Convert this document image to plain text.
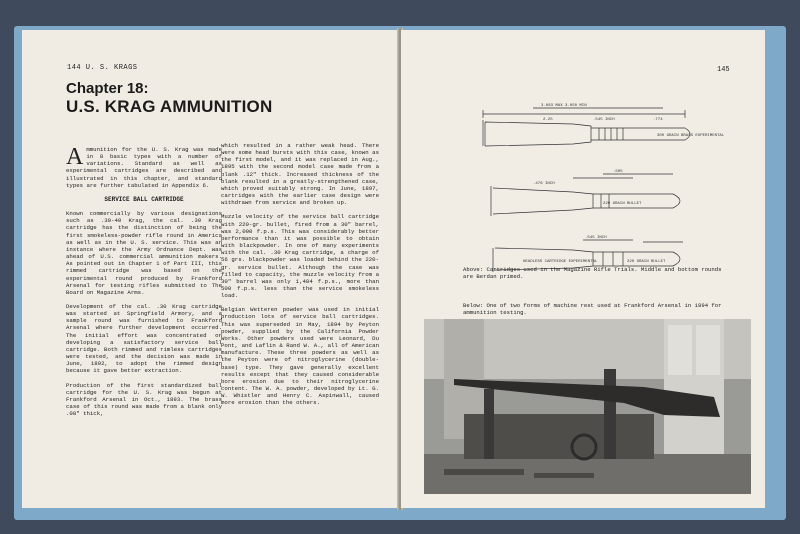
144 U. S. KRAGS
Chapter 18:
U.S. KRAG AMMUNITION

Ammunition for the U. S. Krag was made in 8 basic types with a number of variations. Standard as well as experimental cartridges are described and illustrated in this chapter, and standard types are further tabulated in Appendix 6.

SERVICE BALL CARTRIDGE

Known commercially by various designations such as .30-40 Krag, the cal. .30 Krag cartridge has the distinction of being the first smokeless-powder rifle round in America as well as in the U. S. service. This was an instance where the Army Ordnance Dept. was ahead of U.S. commercial ammunition makers. As pointed out in Chapter 1 of Part III, this rimmed cartridge was based on the experimental round produced by Frankford Arsenal for testing rifles submitted to The Board on Magazine Arms.

Development of the cal. .30 Krag cartridge was started at Springfield Armory, and a sample round was furnished to Frankford Arsenal where further development occurred. The initial effort was concentrated on developing a satisfactory service ball cartridge. Both rimmed and rimless cartridges were tested, and the decision was made in June, 1892, to adopt the rimmed design because it gave better extraction.

Production of the first standardized ball cartridge for the U. S. Krag was begun at Frankford Arsenal in Oct., 1893. The brass case of this round was made from a blank only .08" thick,

which resulted in a rather weak head. There were some head bursts with this case, known as the first model, and it was replaced in Aug., 1895 with the second model case made from a blank .12" thick. Increased thickness of the blank resulted in a greatly-strengthened case, which proved suitably strong. In June, 1897, cartridges with the earlier case design were withdrawn from service and broken up.

Muzzle velocity of the service ball cartridge with 220-gr. bullet, fired from a 30" barrel, was 2,000 f.p.s. This was considerably better performance than it was possible to obtain with blackpowder. In one of many experiments with the cal. .30 Krag cartridge, a charge of 56 grs. blackpowder was loaded behind the 220-gr. service bullet. Although the case was filled to capacity, the muzzle velocity from a 30" barrel was only 1,484 f.p.s., more than 500 f.p.s. less than the service smokeless load.

Belgian Wetteren powder was used in initial production lots of service ball cartridges. This was superseded in May, 1894 by Peyton powder, supplied by the California Powder Works. Other powders used were Leonard, Du Pont, and Laflin & Rand W. A., all of American manufacture. These three powders as well as the Peyton were of nitroglycerine (double-base) type. They gave generally excellent results except that they caused considerable bore erosion due to their nitroglycerine content. The W. A. powder, developed by Lt. G. W. Whistler and Henry C. Aspinwall, caused more erosion than the others.

145
3.083 MAX 3.050 MIN
.545 INCH
2.25	.774
300 GRAIN BRASS EXPERIMENTAL
.476 INCH
.505
220 GRAIN BULLET
.545 INCH
HEADLESS CARTRIDGE EXPERIMENTAL	220 GRAIN BULLET
Above: Cartridges used in the Magazine Rifle Trials. Middle and bottom rounds are Berdan primed.
Below: One of two forms of machine rest used at Frankford Arsenal in 1894 for ammunition testing.
